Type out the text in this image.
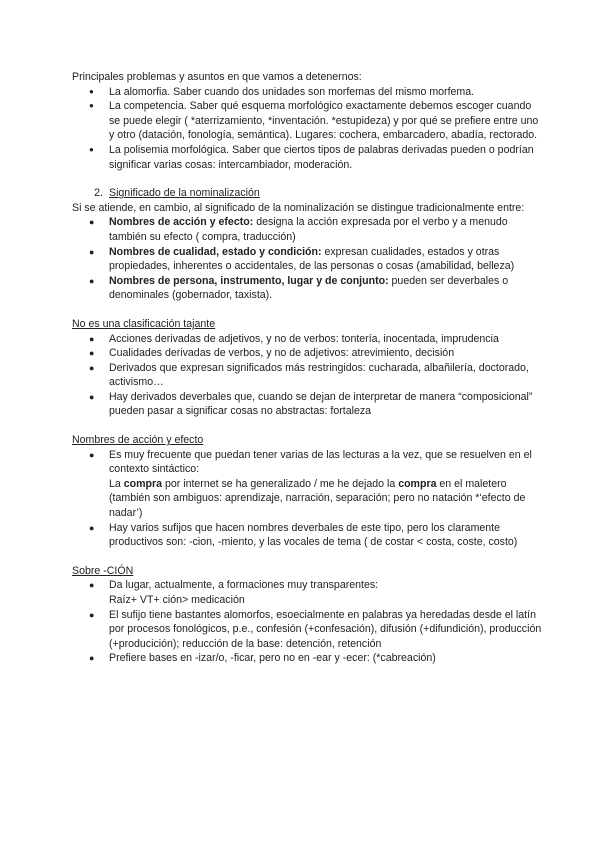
Principales problemas y asuntos en que vamos a detenernos:

● La alomorfia. Saber cuando dos unidades son morfemas del mismo morfema.
● La competencia. Saber qué esquema morfológico exactamente debemos escoger cuando se puede elegir ( *aterrizamiento, *inventación. *estupideza) y por qué se prefiere entre uno y otro (datación, fonología, semántica). Lugares: cochera, embarcadero, abadía, rectorado.
● La polisemia morfológica. Saber que ciertos tipos de palabras derivadas pueden o podrían significar varias cosas: intercambiador, moderación.

2. Significado de la nominalización

Si se atiende, en cambio, al significado de la nominalización se distingue tradicionalmente entre:

● Nombres de acción y efecto: designa la acción expresada por el verbo y a menudo también su efecto ( compra, traducción)
● Nombres de cualidad, estado y condición: expresan cualidades, estados y otras propiedades, inherentes o accidentales, de las personas o cosas (amabilidad, belleza)
● Nombres de persona, instrumento, lugar y de conjunto: pueden ser deverbales o denominales (gobernador, taxista).

No es una clasificación tajante

● Acciones derivadas de adjetivos, y no de verbos: tontería, inocentada, imprudencia
● Cualidades derivadas de verbos, y no de adjetivos: atrevimiento, decisión
● Derivados que expresan significados más restringidos: cucharada, albañilería, doctorado, activismo…
● Hay derivados deverbales que, cuando se dejan de interpretar de manera “composicional” pueden pasar a significar cosas no abstractas: fortaleza

Nombres de acción y efecto

● Es muy frecuente que puedan tener varias de las lecturas a la vez, que se resuelven en el contexto sintáctico:
La compra por internet se ha generalizado / me he dejado la compra en el maletero (también son ambiguos: aprendizaje, narración, separación; pero no natación *‘efecto de nadar’)
● Hay varios sufijos que hacen nombres deverbales de este tipo, pero los claramente productivos son: -cion, -miento, y las vocales de tema ( de costar < costa, coste, costo)

Sobre -CIÓN

● Da lugar, actualmente, a formaciones muy transparentes:
Raíz+ VT+ ción> medicación
● El sufijo tiene bastantes alomorfos, esoecialmente en palabras ya heredadas desde el latín por procesos fonológicos, p.e., confesión (+confesación), difusión (+difundición), producción (+producición); reducción de la base: detención, retención
● Prefiere bases en -izar/o, -ficar, pero no en -ear y -ecer: (*cabreación)
